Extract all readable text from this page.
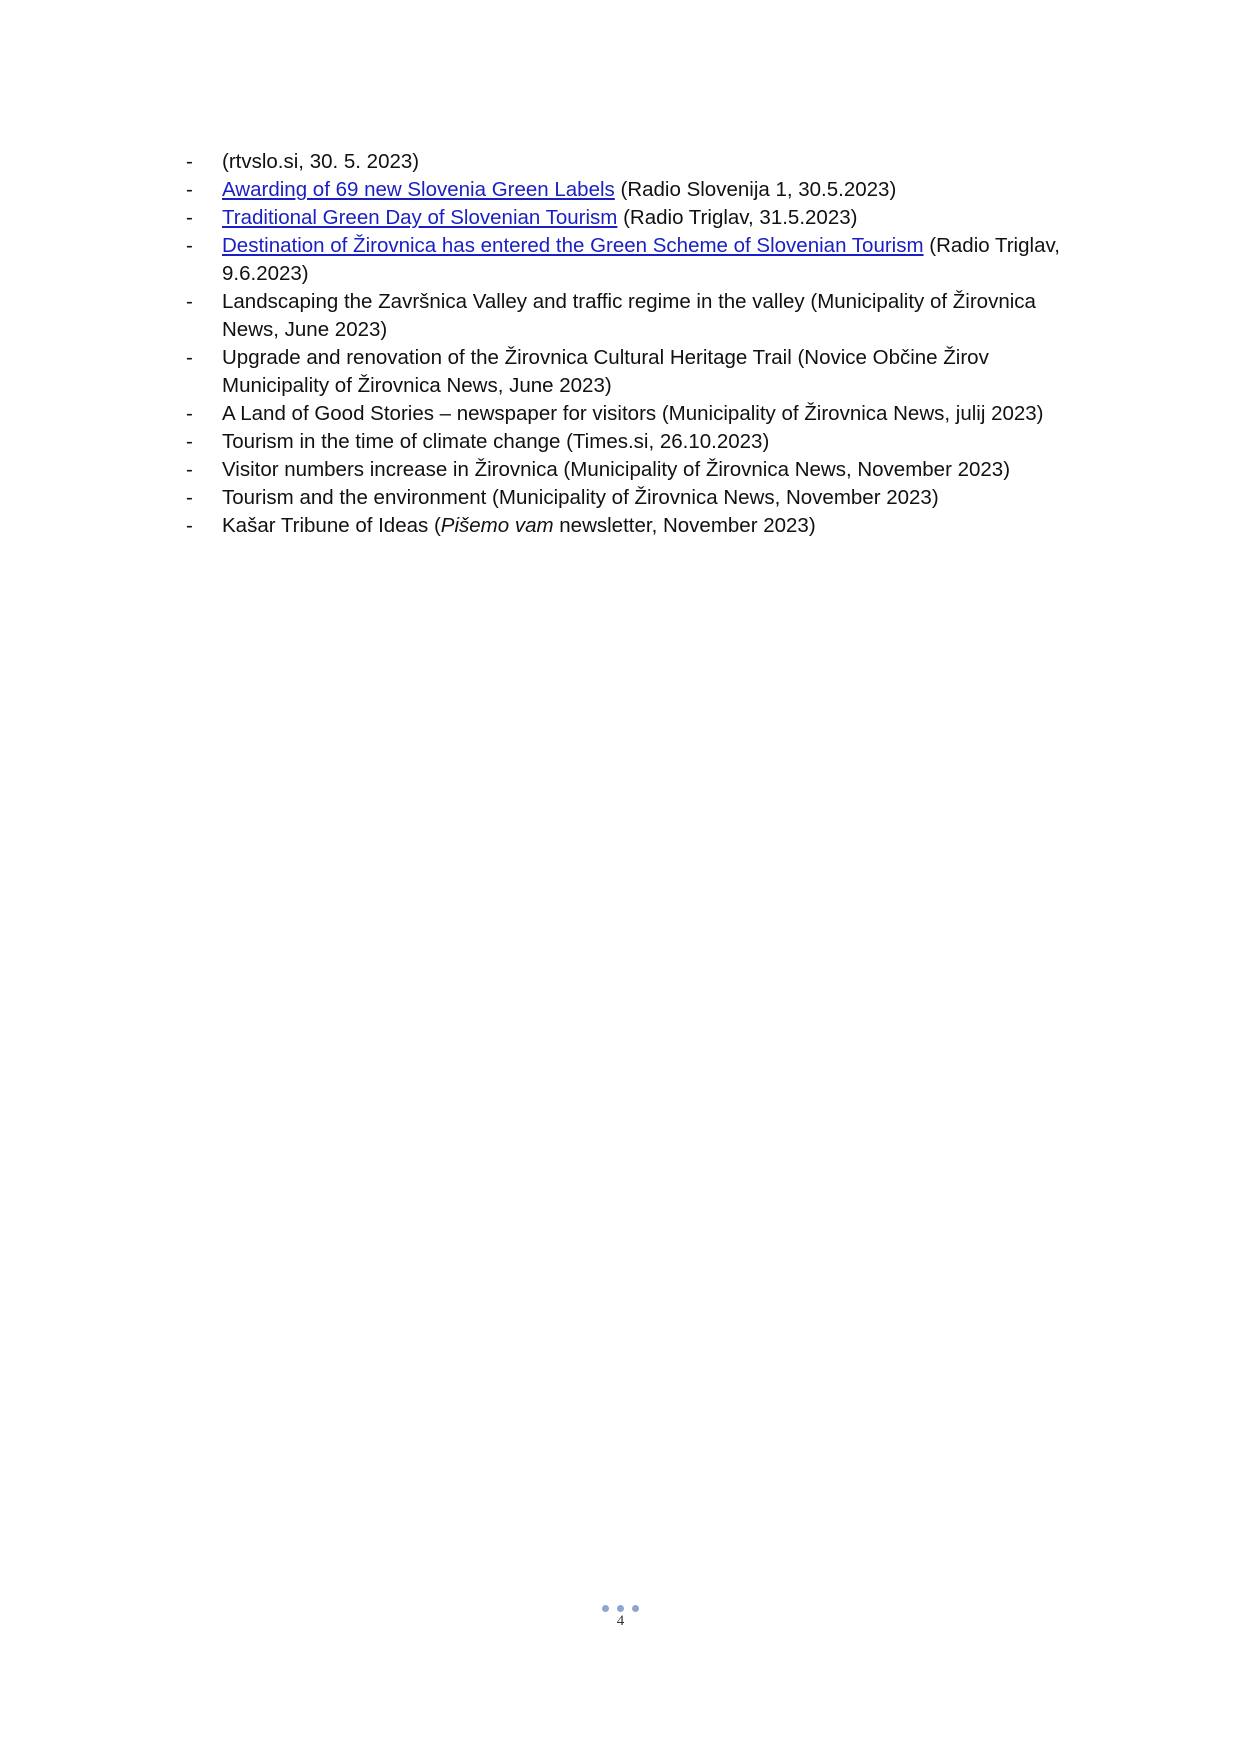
- (rtvslo.si, 30. 5. 2023)
- Awarding of 69 new Slovenia Green Labels (Radio Slovenija 1, 30.5.2023)
- Traditional Green Day of Slovenian Tourism (Radio Triglav, 31.5.2023)
- Destination of Žirovnica has entered the Green Scheme of Slovenian Tourism (Radio Triglav, 9.6.2023)
- Landscaping the Završnica Valley and traffic regime in the valley (Municipality of Žirovnica News, June 2023)
- Upgrade and renovation of the Žirovnica Cultural Heritage Trail (Novice Občine Žirov Municipality of Žirovnica News, June 2023)
- A Land of Good Stories – newspaper for visitors (Municipality of Žirovnica News, julij 2023)
- Tourism in the time of climate change (Times.si, 26.10.2023)
- Visitor numbers increase in Žirovnica (Municipality of Žirovnica News, November 2023)
- Tourism and the environment (Municipality of Žirovnica News, November 2023)
- Kašar Tribune of Ideas (Pišemo vam newsletter, November 2023)
4
